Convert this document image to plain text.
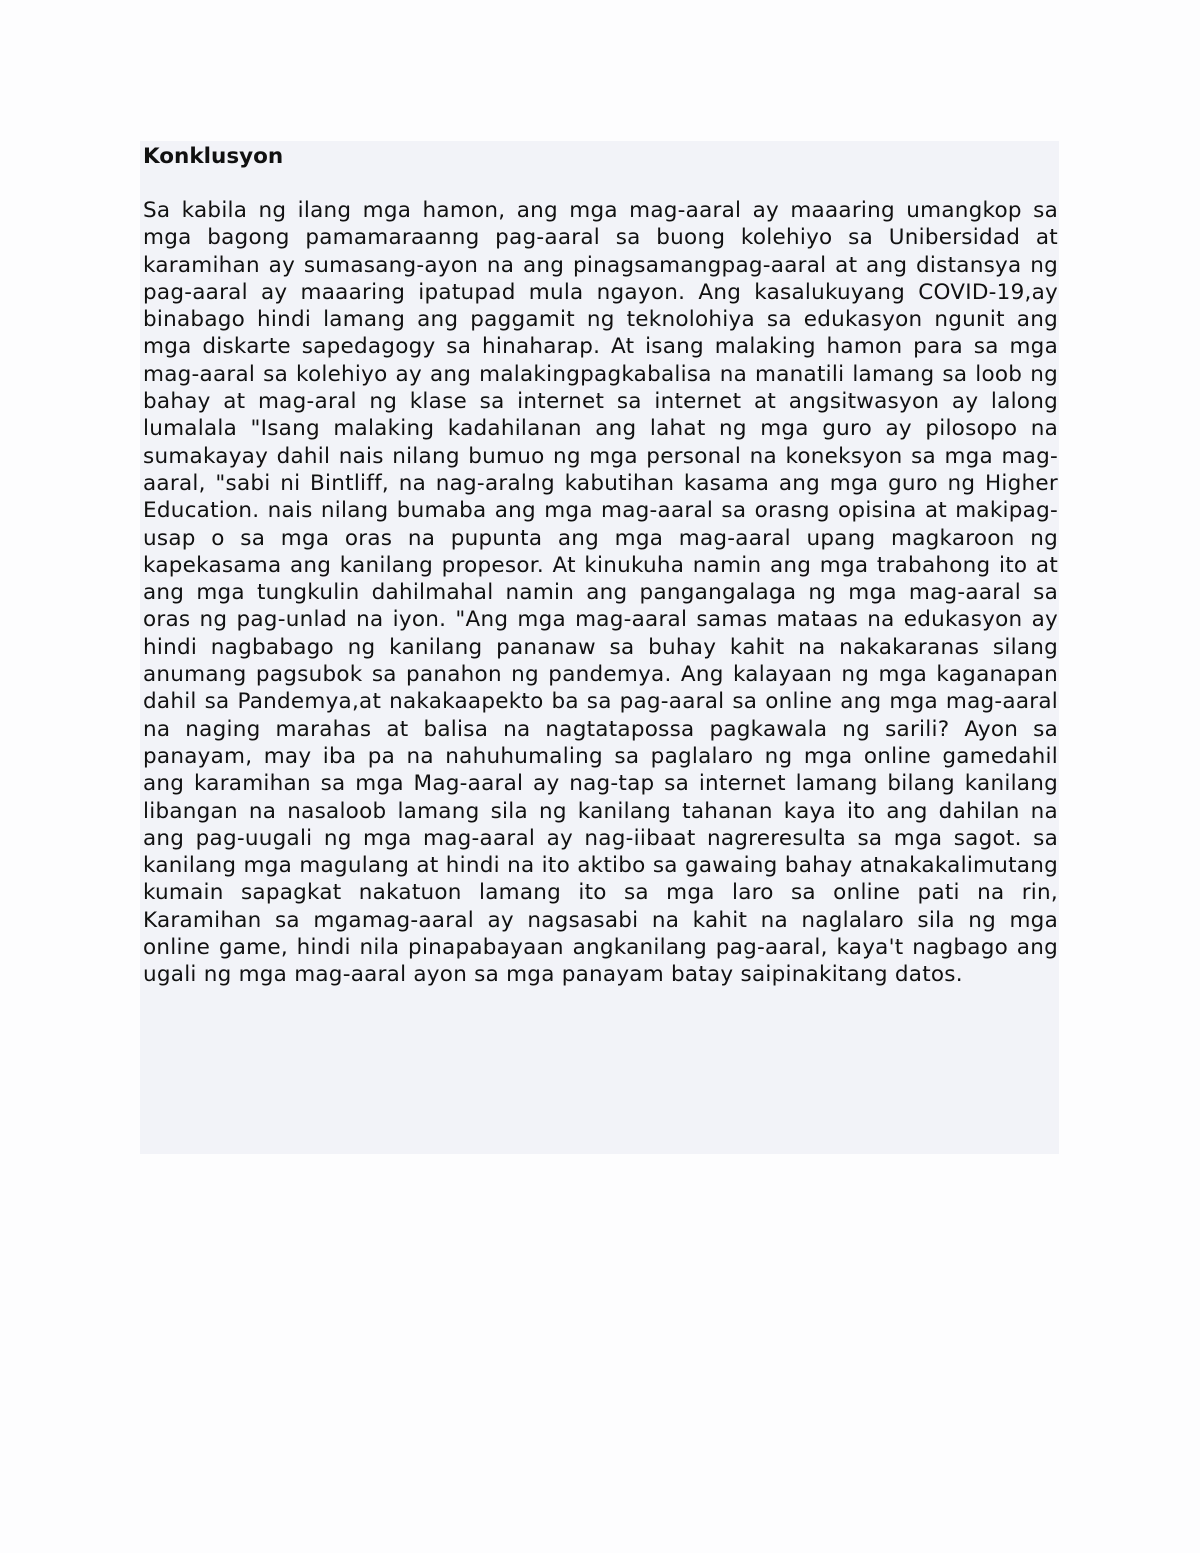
Konklusyon

Sa kabila ng ilang mga hamon, ang mga mag-aaral ay maaaring umangkop sa mga bagong pamamaraanng pag-aaral sa buong kolehiyo sa Unibersidad at karamihan ay sumasang-ayon na ang pinagsamangpag-aaral at ang distansya ng pag-aaral ay maaaring ipatupad mula ngayon. Ang kasalukuyang COVID-19,ay binabago hindi lamang ang paggamit ng teknolohiya sa edukasyon ngunit ang mga diskarte sapedagogy sa hinaharap. At isang malaking hamon para sa mga mag-aaral sa kolehiyo ay ang malakingpagkabalisa na manatili lamang sa loob ng bahay at mag-aral ng klase sa internet sa internet at angsitwasyon ay lalong lumalala "Isang malaking kadahilanan ang lahat ng mga guro ay pilosopo na sumakayay dahil nais nilang bumuo ng mga personal na koneksyon sa mga mag-aaral, "sabi ni Bintliff, na nag-aralng kabutihan kasama ang mga guro ng Higher Education. nais nilang bumaba ang mga mag-aaral sa orasng opisina at makipag-usap o sa mga oras na pupunta ang mga mag-aaral upang magkaroon ng kapekasama ang kanilang propesor. At kinukuha namin ang mga trabahong ito at ang mga tungkulin dahilmahal namin ang pangangalaga ng mga mag-aaral sa oras ng pag-unlad na iyon. "Ang mga mag-aaral samas mataas na edukasyon ay hindi nagbabago ng kanilang pananaw sa buhay kahit na nakakaranas silang anumang pagsubok sa panahon ng pandemya. Ang kalayaan ng mga kaganapan dahil sa Pandemya,at nakakaapekto ba sa pag-aaral sa online ang mga mag-aaral na naging marahas at balisa na nagtatapossa pagkawala ng sarili? Ayon sa panayam, may iba pa na nahuhumaling sa paglalaro ng mga online gamedahil ang karamihan sa mga Mag-aaral ay nag-tap sa internet lamang bilang kanilang libangan na nasaloob lamang sila ng kanilang tahanan kaya ito ang dahilan na ang pag-uugali ng mga mag-aaral ay nag-iibaat nagreresulta sa mga sagot. sa kanilang mga magulang at hindi na ito aktibo sa gawaing bahay atnakakalimutang kumain sapagkat nakatuon lamang ito sa mga laro sa online pati na rin, Karamihan sa mgamag-aaral ay nagsasabi na kahit na naglalaro sila ng mga online game, hindi nila pinapabayaan angkanilang pag-aaral, kaya't nagbago ang ugali ng mga mag-aaral ayon sa mga panayam batay saipinakitang datos.
